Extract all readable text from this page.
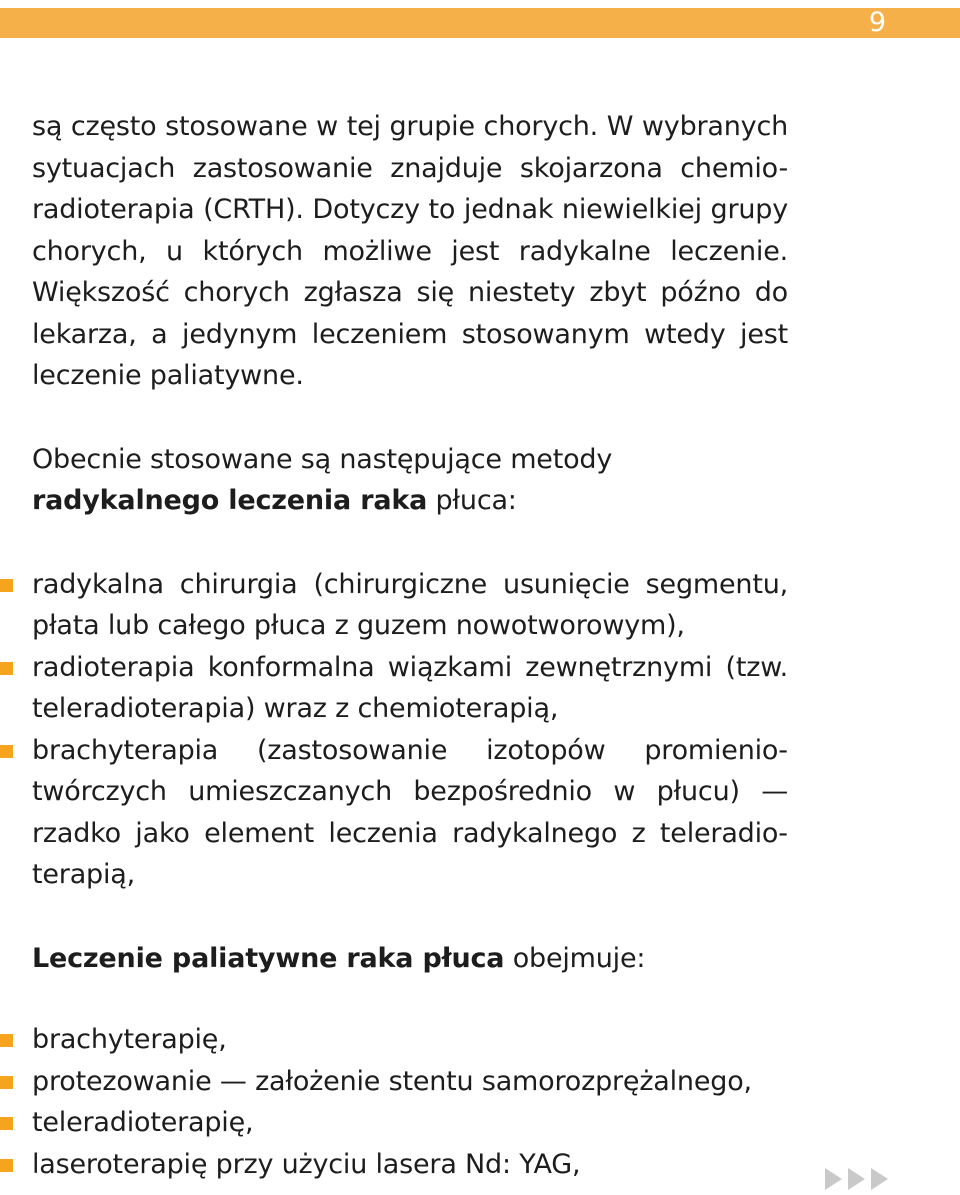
9

są często stosowane w tej grupie chorych. W wybranych sytuacjach zastosowanie znajduje skojarzona chemio-radioterapia (CRTH). Dotyczy to jednak niewielkiej grupy chorych, u których możliwe jest radykalne leczenie. Większość chorych zgłasza się niestety zbyt późno do lekarza, a jedynym leczeniem stosowanym wtedy jest leczenie paliatywne.

Obecnie stosowane są następujące metody radykalnego leczenia raka płuca:

radykalna chirurgia (chirurgiczne usunięcie segmentu, płata lub całego płuca z guzem nowotworowym),
radioterapia konformalna wiązkami zewnętrznymi (tzw. teleradioterapia) wraz z chemioterapią,
brachyterapia (zastosowanie izotopów promieniotwórczych umieszczanych bezpośrednio w płucu) — rzadko jako element leczenia radykalnego z teleradioterapią,

Leczenie paliatywne raka płuca obejmuje:

brachyterapię,
protezowanie — założenie stentu samorozprężalnego,
teleradioterapię,
laseroterapię przy użyciu lasera Nd: YAG,
